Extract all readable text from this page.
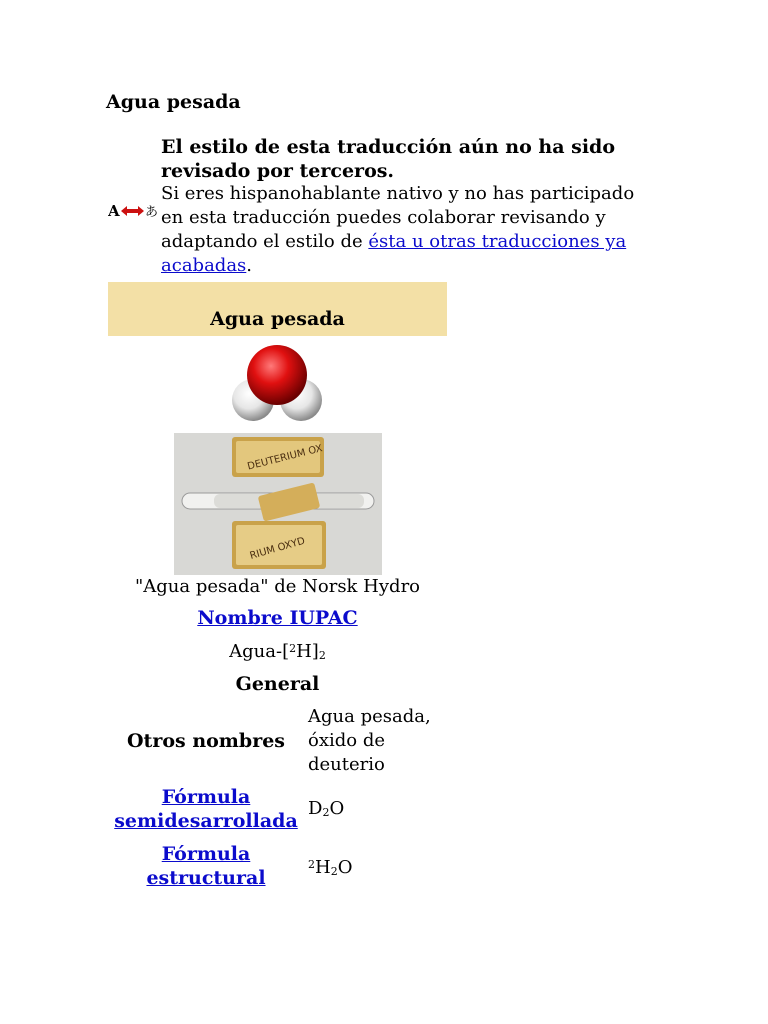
Agua pesada
A あ
El estilo de esta traducción aún no ha sido revisado por terceros.
Si eres hispanohablante nativo y no has participado en esta traducción puedes colaborar revisando y adaptando el estilo de ésta u otras traducciones ya acabadas.
Agua pesada
DEUTERIUM OX
RIUM OXYD
"Agua pesada" de Norsk Hydro
Nombre IUPAC
Agua-$[^2H]_2$
General
Otros nombres
Agua pesada, óxido de deuterio
Fórmula semidesarrollada
$D_2O$
Fórmula estructural
$^2H_2O$
